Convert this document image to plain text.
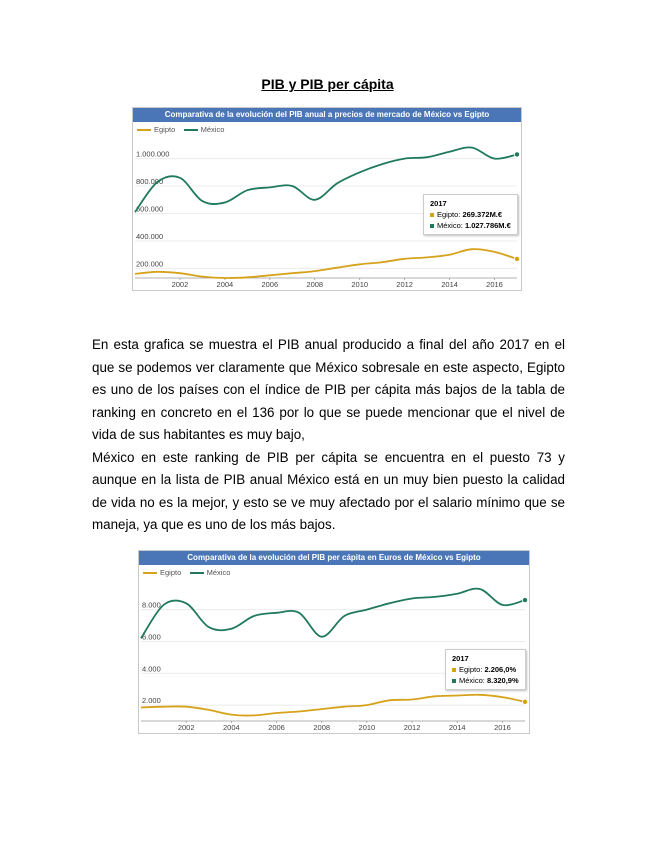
PIB y PIB per cápita
Comparativa de la evolución del PIB anual a precios de mercado de México vs Egipto
Egipto	México
200.000
400.000
600.000
800.000
1.000.000
2002	2004	2006	2008	2010	2012	2014	2016
2017
Egipto: 269.372M.€
México: 1.027.786M.€

En esta grafica se muestra el PIB anual producido a final del año 2017 en el que se podemos ver claramente que México sobresale en este aspecto, Egipto es uno de los países con el índice de PIB per cápita más bajos de la tabla de ranking en concreto en el 136 por lo que se puede mencionar que el nivel de vida de sus habitantes es muy bajo,

México en este ranking de PIB per cápita se encuentra en el puesto 73 y aunque en la lista de PIB anual México está en un muy bien puesto la calidad de vida no es la mejor, y esto se ve muy afectado por el salario mínimo que se maneja, ya que es uno de los más bajos.

Comparativa de la evolución del PIB per cápita en Euros de México vs Egipto
Egipto	México
2.000
4.000
6.000
8.000
2002	2004	2006	2008	2010	2012	2014	2016
2017
Egipto: 2.206,0%
México: 8.320,9%
